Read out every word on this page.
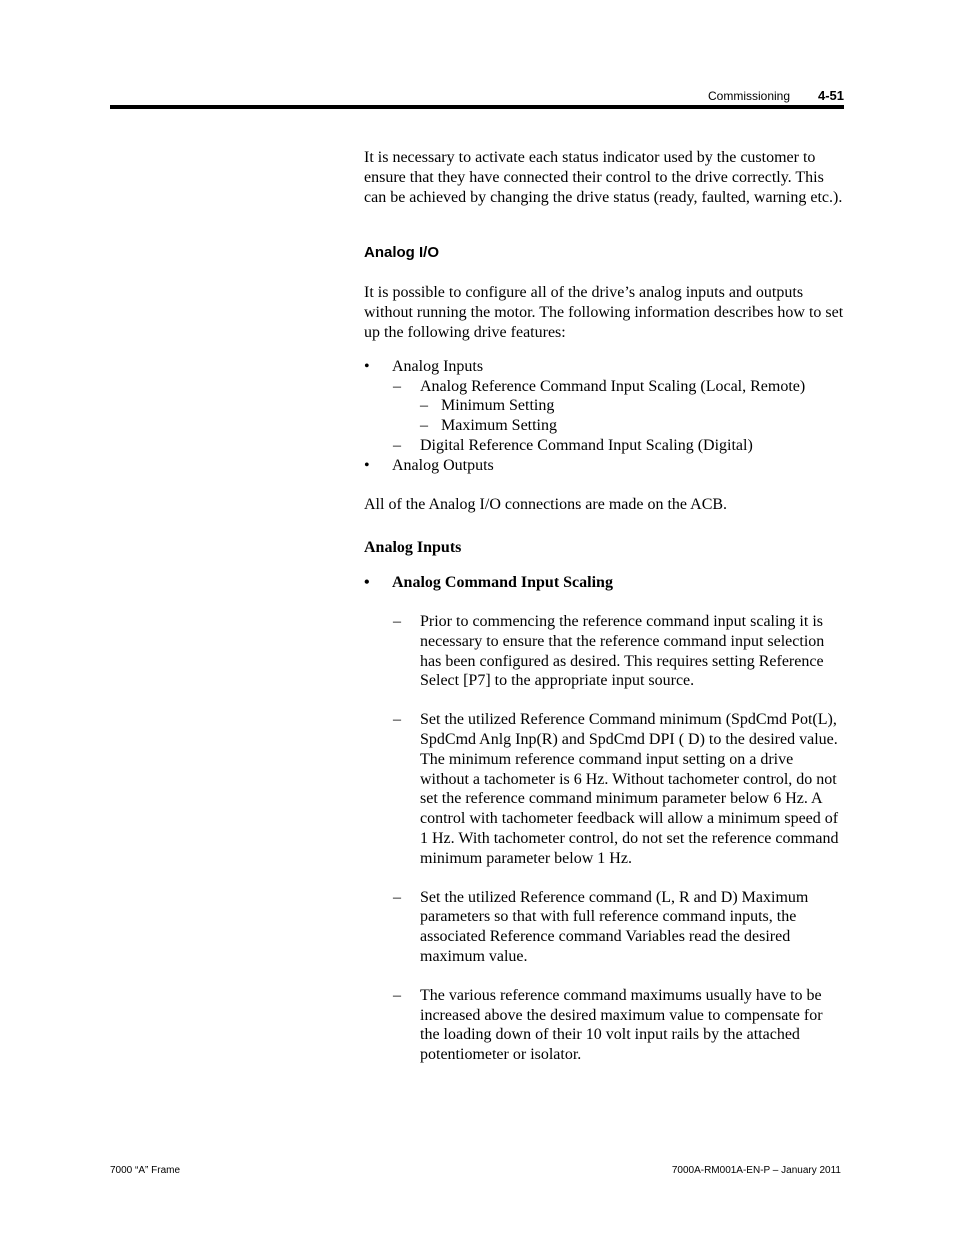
Commissioning 4-51

It is necessary to activate each status indicator used by the customer to ensure that they have connected their control to the drive correctly. This can be achieved by changing the drive status (ready, faulted, warning etc.).

Analog I/O

It is possible to configure all of the drive’s analog inputs and outputs without running the motor. The following information describes how to set up the following drive features:

• Analog Inputs
– Analog Reference Command Input Scaling (Local, Remote)
– Minimum Setting
– Maximum Setting
– Digital Reference Command Input Scaling (Digital)
• Analog Outputs

All of the Analog I/O connections are made on the ACB.

Analog Inputs

• Analog Command Input Scaling
– Prior to commencing the reference command input scaling it is necessary to ensure that the reference command input selection has been configured as desired. This requires setting Reference Select [P7] to the appropriate input source.
– Set the utilized Reference Command minimum (SpdCmd Pot(L), SpdCmd Anlg Inp(R) and SpdCmd DPI ( D) to the desired value. The minimum reference command input setting on a drive without a tachometer is 6 Hz. Without tachometer control, do not set the reference command minimum parameter below 6 Hz. A control with tachometer feedback will allow a minimum speed of 1 Hz. With tachometer control, do not set the reference command minimum parameter below 1 Hz.
– Set the utilized Reference command (L, R and D) Maximum parameters so that with full reference command inputs, the associated Reference command Variables read the desired maximum value.
– The various reference command maximums usually have to be increased above the desired maximum value to compensate for the loading down of their 10 volt input rails by the attached potentiometer or isolator.
7000 “A” Frame	7000A-RM001A-EN-P – January 2011
